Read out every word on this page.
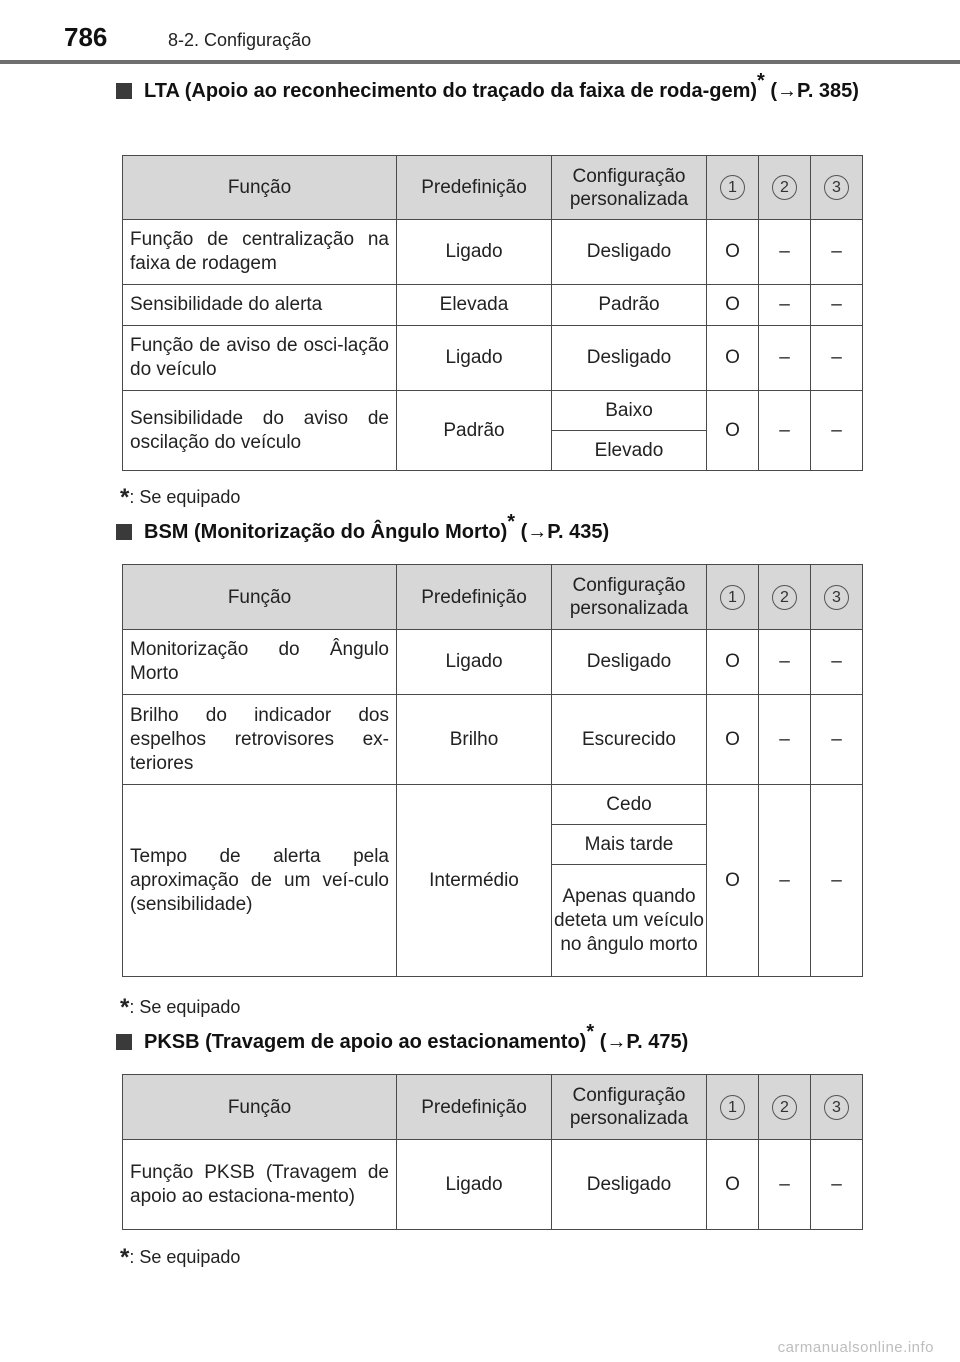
786	8-2. Configuração
LTA (Apoio ao reconhecimento do traçado da faixa de roda-gem)* (→P. 385)
Função	Predefinição	Configuração personalizada	1	2	3
Função de centralização na faixa de rodagem	Ligado	Desligado	O	–	–
Sensibilidade do alerta	Elevada	Padrão	O	–	–
Função de aviso de osci-lação do veículo	Ligado	Desligado	O	–	–
Sensibilidade do aviso de oscilação do veículo	Padrão	Baixo	O	–	–
		Elevado			
*: Se equipado
BSM (Monitorização do Ângulo Morto)* (→P. 435)
Função	Predefinição	Configuração personalizada	1	2	3
Monitorização do Ângulo Morto	Ligado	Desligado	O	–	–
Brilho do indicador dos espelhos retrovisores ex-teriores	Brilho	Escurecido	O	–	–
Tempo de alerta pela aproximação de um veí-culo (sensibilidade)	Intermédio	Cedo	O	–	–
		Mais tarde			
		Apenas quando deteta um veículo no ângulo morto			
*: Se equipado
PKSB (Travagem de apoio ao estacionamento)* (→P. 475)
Função	Predefinição	Configuração personalizada	1	2	3
Função PKSB (Travagem de apoio ao estaciona-mento)	Ligado	Desligado	O	–	–
*: Se equipado
carmanualsonline.info
